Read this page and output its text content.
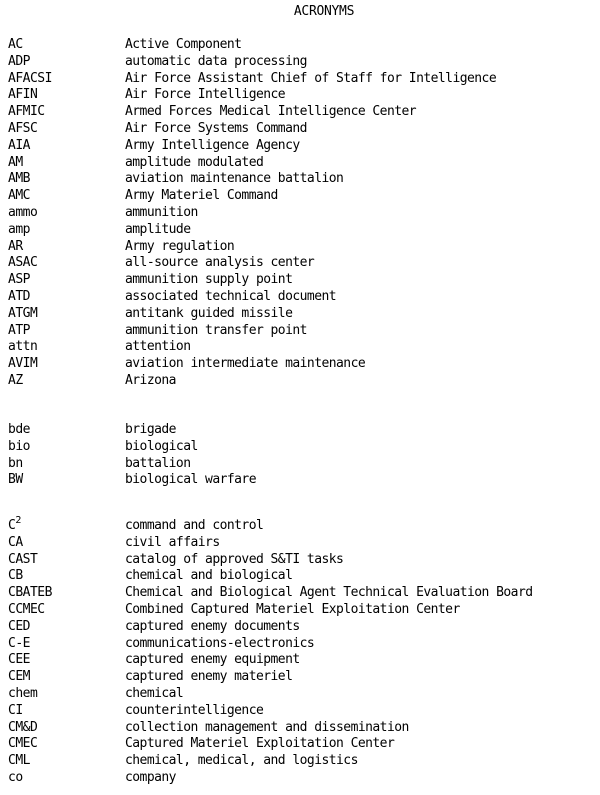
ACRONYMS
AC	Active Component
ADP	automatic data processing
AFACSI	Air Force Assistant Chief of Staff for Intelligence
AFIN	Air Force Intelligence
AFMIC	Armed Forces Medical Intelligence Center
AFSC	Air Force Systems Command
AIA	Army Intelligence Agency
AM	amplitude modulated
AMB	aviation maintenance battalion
AMC	Army Materiel Command
ammo	ammunition
amp	amplitude
AR	Army regulation
ASAC	all-source analysis center
ASP	ammunition supply point
ATD	associated technical document
ATGM	antitank guided missile
ATP	ammunition transfer point
attn	attention
AVIM	aviation intermediate maintenance
AZ	Arizona
bde	brigade
bio	biological
bn	battalion
BW	biological warfare
$C^2$	command and control
CA	civil affairs
CAST	catalog of approved S&TI tasks
CB	chemical and biological
CBATEB	Chemical and Biological Agent Technical Evaluation Board
CCMEC	Combined Captured Materiel Exploitation Center
CED	captured enemy documents
C-E	communications-electronics
CEE	captured enemy equipment
CEM	captured enemy materiel
chem	chemical
CI	counterintelligence
CM&D	collection management and dissemination
CMEC	Captured Materiel Exploitation Center
CML	chemical, medical, and logistics
co	company
